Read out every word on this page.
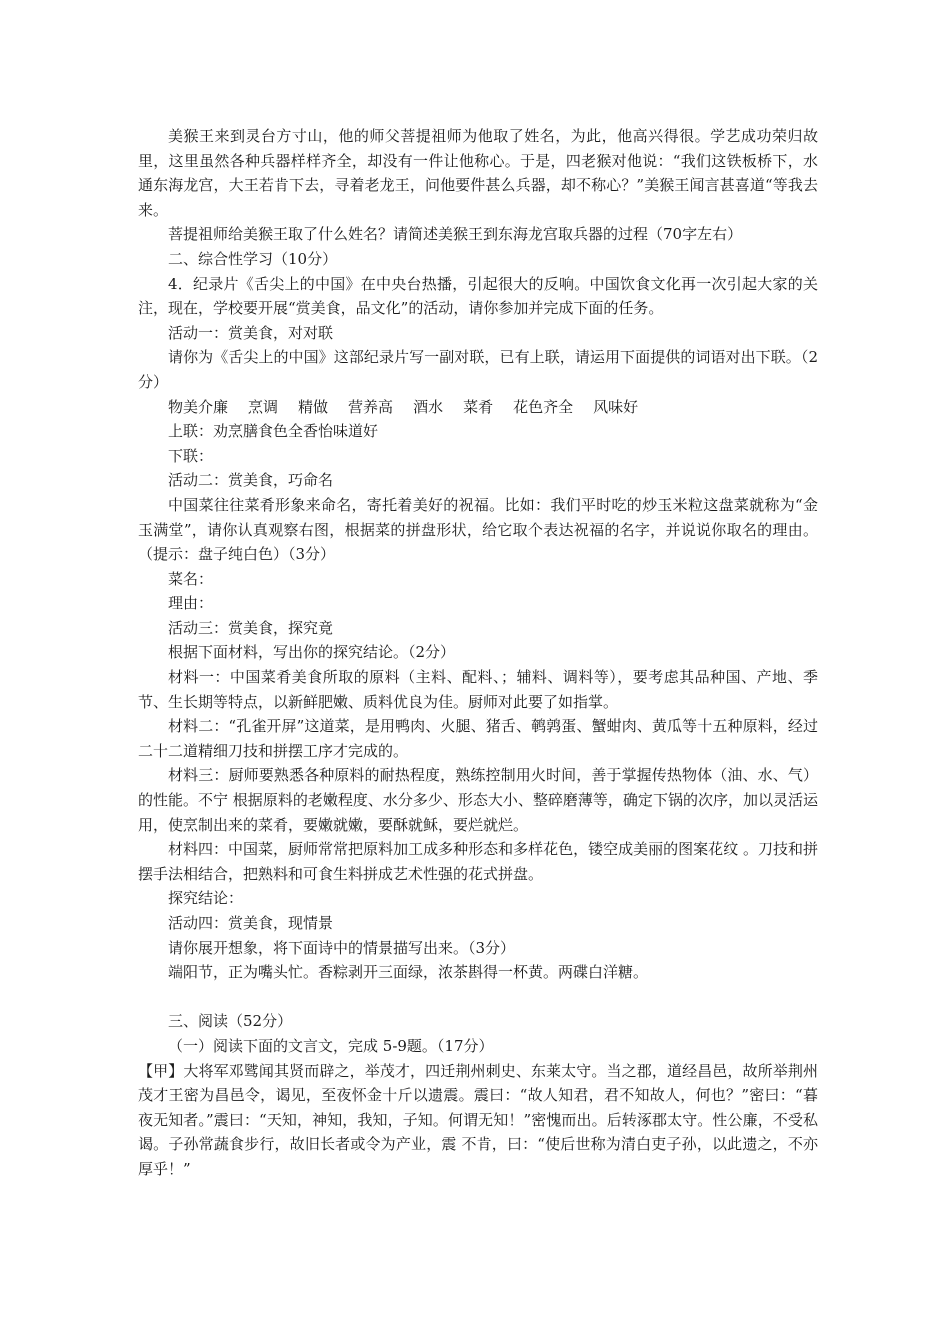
美猴王来到灵台方寸山，他的师父菩提祖师为他取了姓名，为此，他高兴得很。学艺成功荣归故里，这里虽然各种兵器样样齐全，却没有一件让他称心。于是，四老猴对他说：“我们这铁板桥下，水通东海龙宫，大王若肯下去，寻着老龙王，问他要件甚么兵器，却不称心？”美猴王闻言甚喜道“等我去来。

菩提祖师给美猴王取了什么姓名？请简述美猴王到东海龙宫取兵器的过程（70字左右）

二、综合性学习（10分）

4．纪录片《舌尖上的中国》在中央台热播，引起很大的反响。中国饮食文化再一次引起大家的关注，现在，学校要开展“赏美食，品文化”的活动，请你参加并完成下面的任务。

活动一：赏美食，对对联

请你为《舌尖上的中国》这部纪录片写一副对联，已有上联，请运用下面提供的词语对出下联。（2分）

物美介廉 烹调 精做 营养高 酒水 菜肴 花色齐全 风味好

上联：劝烹膳食色全香怡味道好

下联：

活动二：赏美食，巧命名

中国菜往往菜肴形象来命名，寄托着美好的祝福。比如：我们平时吃的炒玉米粒这盘菜就称为“金玉满堂”，请你认真观察右图，根据菜的拼盘形状，给它取个表达祝福的名字，并说说你取名的理由。（提示：盘子纯白色）（3分）

菜名：

理由：

活动三：赏美食，探究竟

根据下面材料，写出你的探究结论。（2分）

材料一：中国菜肴美食所取的原料（主料、配料、；辅料、调料等），要考虑其品种国、产地、季节、生长期等特点，以新鲜肥嫩、质料优良为佳。厨师对此要了如指掌。

材料二：“孔雀开屏”这道菜，是用鸭肉、火腿、猪舌、鹌鹑蛋、蟹蚶肉、黄瓜等十五种原料，经过二十二道精细刀技和拼摆工序才完成的。

材料三：厨师要熟悉各种原料的耐热程度，熟练控制用火时间，善于掌握传热物体（油、水、气）的性能。不宁 根据原料的老嫩程度、水分多少、形态大小、整碎磨薄等，确定下锅的次序，加以灵活运用，使烹制出来的菜肴，要嫩就嫩，要酥就稣，要烂就烂。

材料四：中国菜，厨师常常把原料加工成多种形态和多样花色，镂空成美丽的图案花纹 。刀技和拼摆手法相结合，把熟料和可食生料拼成艺术性强的花式拼盘。

探究结论：

活动四：赏美食，现情景

请你展开想象，将下面诗中的情景描写出来。（3分）

端阳节，正为嘴头忙。香粽剥开三面绿，浓茶斟得一杯黄。两碟白洋糖。

三、阅读（52分）

（一）阅读下面的文言文，完成 5-9题。（17分）

【甲】大将军邓骘闻其贤而辟之，举茂才，四迁荆州刺史、东莱太守。当之郡，道经昌邑，故所举荆州茂才王密为昌邑令，谒见，至夜怀金十斤以遗震。震曰：“故人知君，君不知故人，何也？”密曰：“暮夜无知者。”震曰：“天知，神知，我知，子知。何谓无知！”密愧而出。后转涿郡太守。性公廉，不受私谒。子孙常蔬食步行，故旧长者或令为产业，震 不肯，曰：“使后世称为清白吏子孙，以此遗之，不亦厚乎！”
